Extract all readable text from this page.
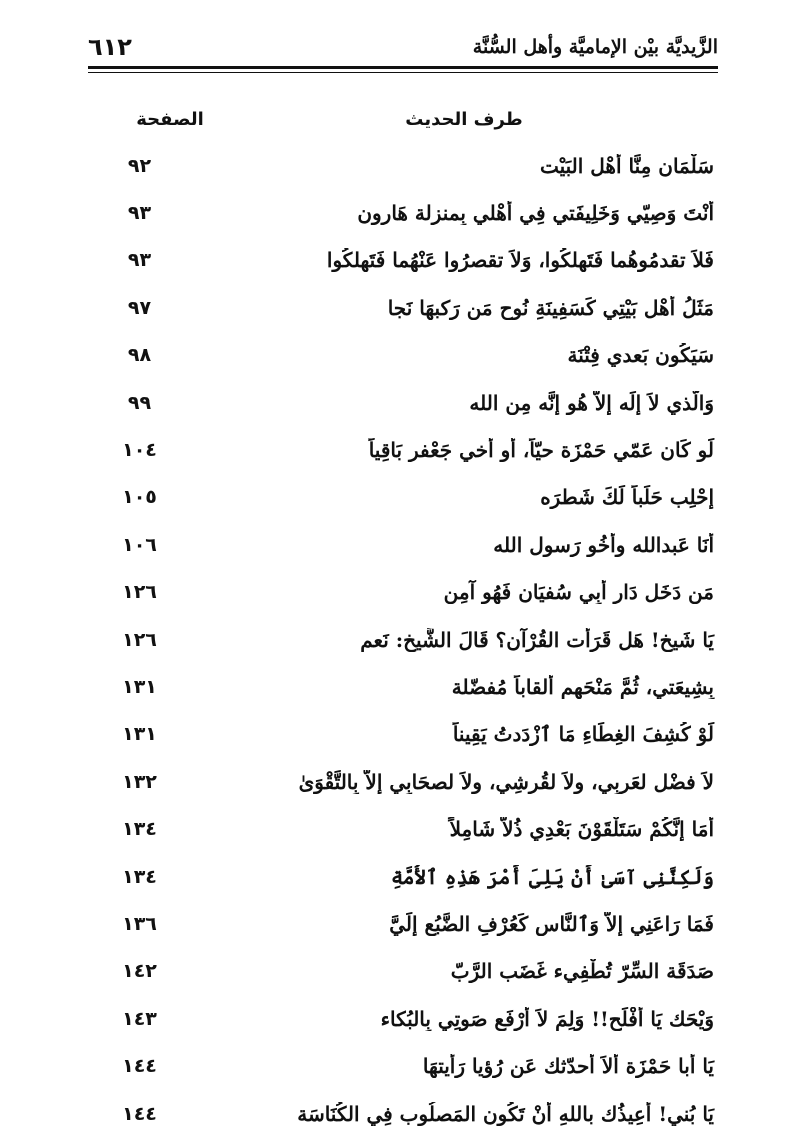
٦١٢	الزَّيديَّة بيْن الإماميَّة وأهل السُّنَّة
طرف الحديث
الصفحة
سَلْمَان مِنَّا أَهْل البَيْت
٩٢
أَنْتَ وَصِيّي وَخَلِيفَتي فِي أَهْلي بِمنزِلة هَارون
٩٣
فَلاَ تقدمُوهُما فَتَهلكُوا، وَلاَ تقصرُوا عَنْهُما فَتَهلكُوا
٩٣
مَثَلُ أَهْل بَيْتِي كَسَفِينَةِ نُوح مَن رَكبهَا نَجا
٩٧
سَيَكُون بَعدي فِتْنَة
٩٨
وَالَّذي لاَ إِلَه إِلاَّ هُو إِنَّه مِن الله
٩٩
لَو كَان عَمّي حَمْزَة حيّاً، أَو أَخي جَعْفر بَاقِياً
١٠٤
إِحْلِب حَلَباً لَكَ شَطرَه
١٠٥
أَنَا عَبدالله وأَخُو رَسول الله
١٠٦
مَن دَخَل دَار أَبِي سُفيَان فَهُو آمِن
١٢٦
يَا شَيخ! هَل قَرَأت القُرْآن؟ قَالَ الشَّيخ: نَعم
١٢٦
بِشِيعَتي، ثُمَّ مَنْحَهم أَلقاباً مُفضّلة
١٣١
لَوْ كُشِفَ الغِطَاءِ مَا ٱزْدَدتُ يَقِيناً
١٣١
لاَ فضْل لعَربِي، ولاَ لقُرشِي، ولاَ لصحَابِي إِلاَّ بِالتَّقْوَىٰ
١٣٢
أَمَا إِنَّكُمْ سَتَلْقَوْنَ بَعْدِي ذُلاًّ شَامِلاً
١٣٤
وَلَكِنَّنِي آسَىٰ أَنْ يَلِيَ أَمْرَ هَذِهِ ٱلأُمَّةِ
١٣٤
فَمَا رَاعَنِي إِلاَّ وَٱلنَّاس كَعُرْفِ الضَّبُعِ إِلَيَّ
١٣٦
صَدَقَة السِّرّ تُطْفِيء غَضَب الرَّبّ
١٤٢
وَيْحَك يَا أَفْلَح!! وَلِمَ لاَ أَرْفَع صَوتِي بِالبُكاء
١٤٣
يَا أَبا حَمْزَة أَلاَ أُحدّثك عَن رُؤيا رَأيتهَا
١٤٤
يَا بُني! أُعِيذُك باللهِ أَنْ تَكُون المَصلُوب فِي الكُنَاسَة
١٤٤
